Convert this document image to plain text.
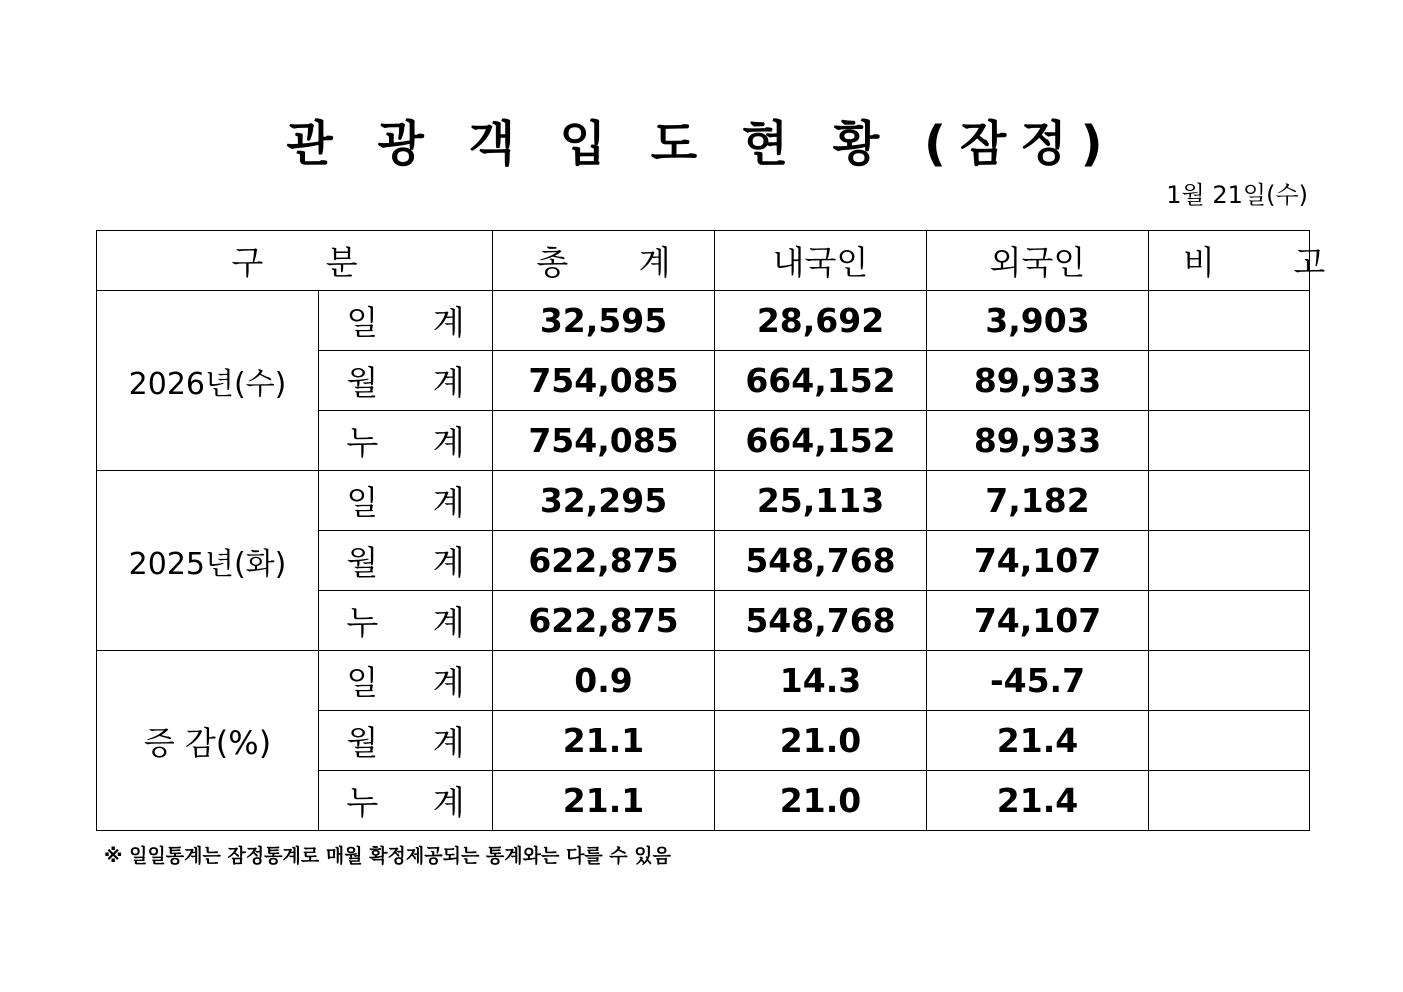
관 광 객 입 도 현 황 (잠정)
1월 21일(수)
구 분		총 계	내국인	외국인	비 고
2026년(수)	일 계	32,595	28,692	3,903	
	월 계	754,085	664,152	89,933	
	누 계	754,085	664,152	89,933	
2025년(화)	일 계	32,295	25,113	7,182	
	월 계	622,875	548,768	74,107	
	누 계	622,875	548,768	74,107	
증 감(%)	일 계	0.9	14.3	-45.7	
	월 계	21.1	21.0	21.4	
	누 계	21.1	21.0	21.4	
※ 일일통계는 잠정통계로 매월 확정제공되는 통계와는 다를 수 있음
